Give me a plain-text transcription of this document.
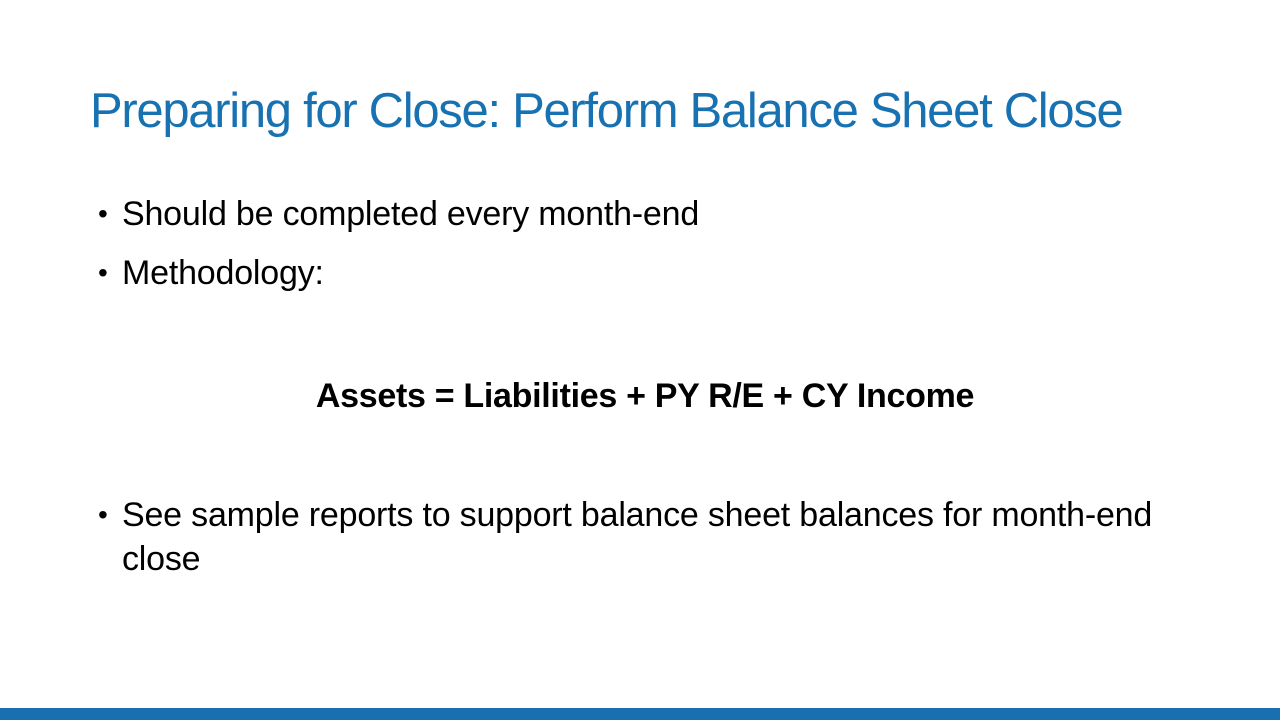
Preparing for Close: Perform Balance Sheet Close
• Should be completed every month-end
• Methodology:

Assets = Liabilities + PY R/E + CY Income

• See sample reports to support balance sheet balances for month-end close
